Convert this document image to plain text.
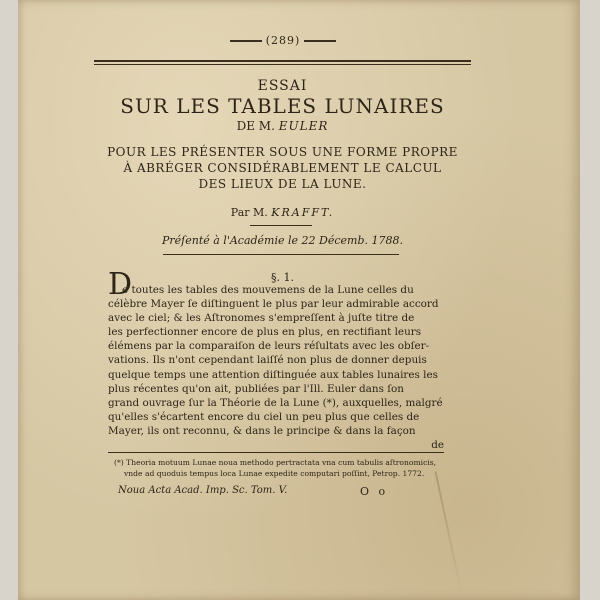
(289)
ESSAI
SUR LES TABLES LUNAIRES
DE M. EULER
POUR LES PRÉSENTER SOUS UNE FORME PROPRE
À ABRÉGER CONSIDÉRABLEMENT LE CALCUL
DES LIEUX DE LA LUNE.
Par M. KRAFFT.
Préſenté à l'Académie le 22 Décemb. 1788.
§. 1.
D
e toutes les tables des mouvemens de la Lune celles du
célèbre Mayer ſe diſtinguent le plus par leur admirable accord
avec le ciel; & les Aſtronomes s'empreſſent à juſte titre de
les perfectionner encore de plus en plus, en rectifiant leurs
élémens par la comparaiſon de leurs réſultats avec les obſer-
vations. Ils n'ont cependant laiſſé non plus de donner depuis
quelque temps une attention diſtinguée aux tables lunaires les
plus récentes qu'on ait, publiées par l'Ill. Euler dans ſon
grand ouvrage ſur la Théorie de la Lune (*), auxquelles, malgré
qu'elles s'écartent encore du ciel un peu plus que celles de
Mayer, ils ont reconnu, & dans le principe & dans la façon
de
(*) Theoria motuum Lunae noua methodo pertractata vna cum tabulis aſtronomicis,
vnde ad quoduis tempus loca Lunae expedite computari poſſint, Petrop. 1772.
Noua Acta Acad. Imp. Sc. Tom. V.	O o
